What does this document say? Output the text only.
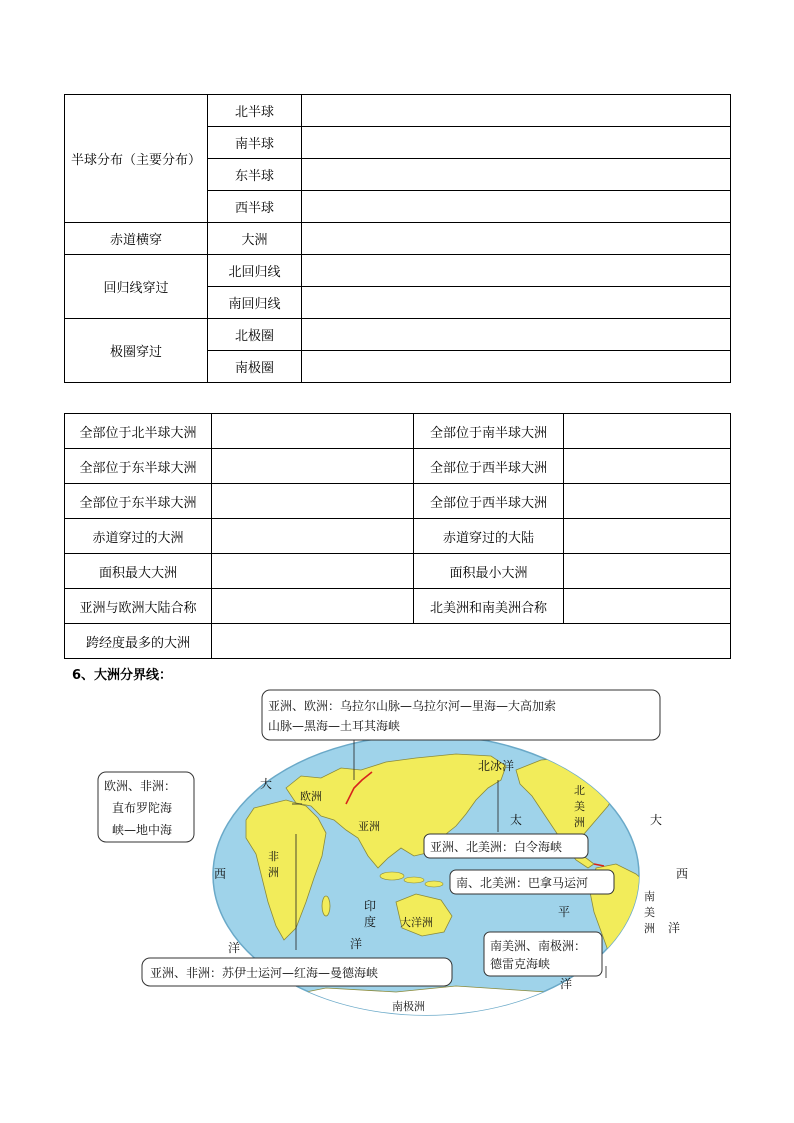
半球分布（主要分布）	北半球	
	南半球	
	东半球	
	西半球	
赤道横穿	大洲	
回归线穿过	北回归线	
	南回归线	
极圈穿过	北极圈	
	南极圈	
全部位于北半球大洲		全部位于南半球大洲	
全部位于东半球大洲		全部位于西半球大洲	
全部位于东半球大洲		全部位于西半球大洲	
赤道穿过的大洲		赤道穿过的大陆	
面积最大大洲		面积最小大洲	
亚洲与欧洲大陆合称		北美洲和南美洲合称	
跨经度最多的大洲			
6、大洲分界线：
欧洲
亚洲
非
洲
大洋洲
南极洲
北
美
洲
南
美
洲
北冰洋
大
西
洋
印
度
洋
太
平
洋
大
西
洋
亚洲、欧洲：乌拉尔山脉—乌拉尔河—里海—大高加索
山脉—黑海—土耳其海峡
欧洲、非洲：
直布罗陀海
峡—地中海
亚洲、北美洲：白令海峡
南、北美洲：巴拿马运河
南美洲、南极洲：
德雷克海峡
亚洲、非洲：苏伊士运河—红海—曼德海峡
